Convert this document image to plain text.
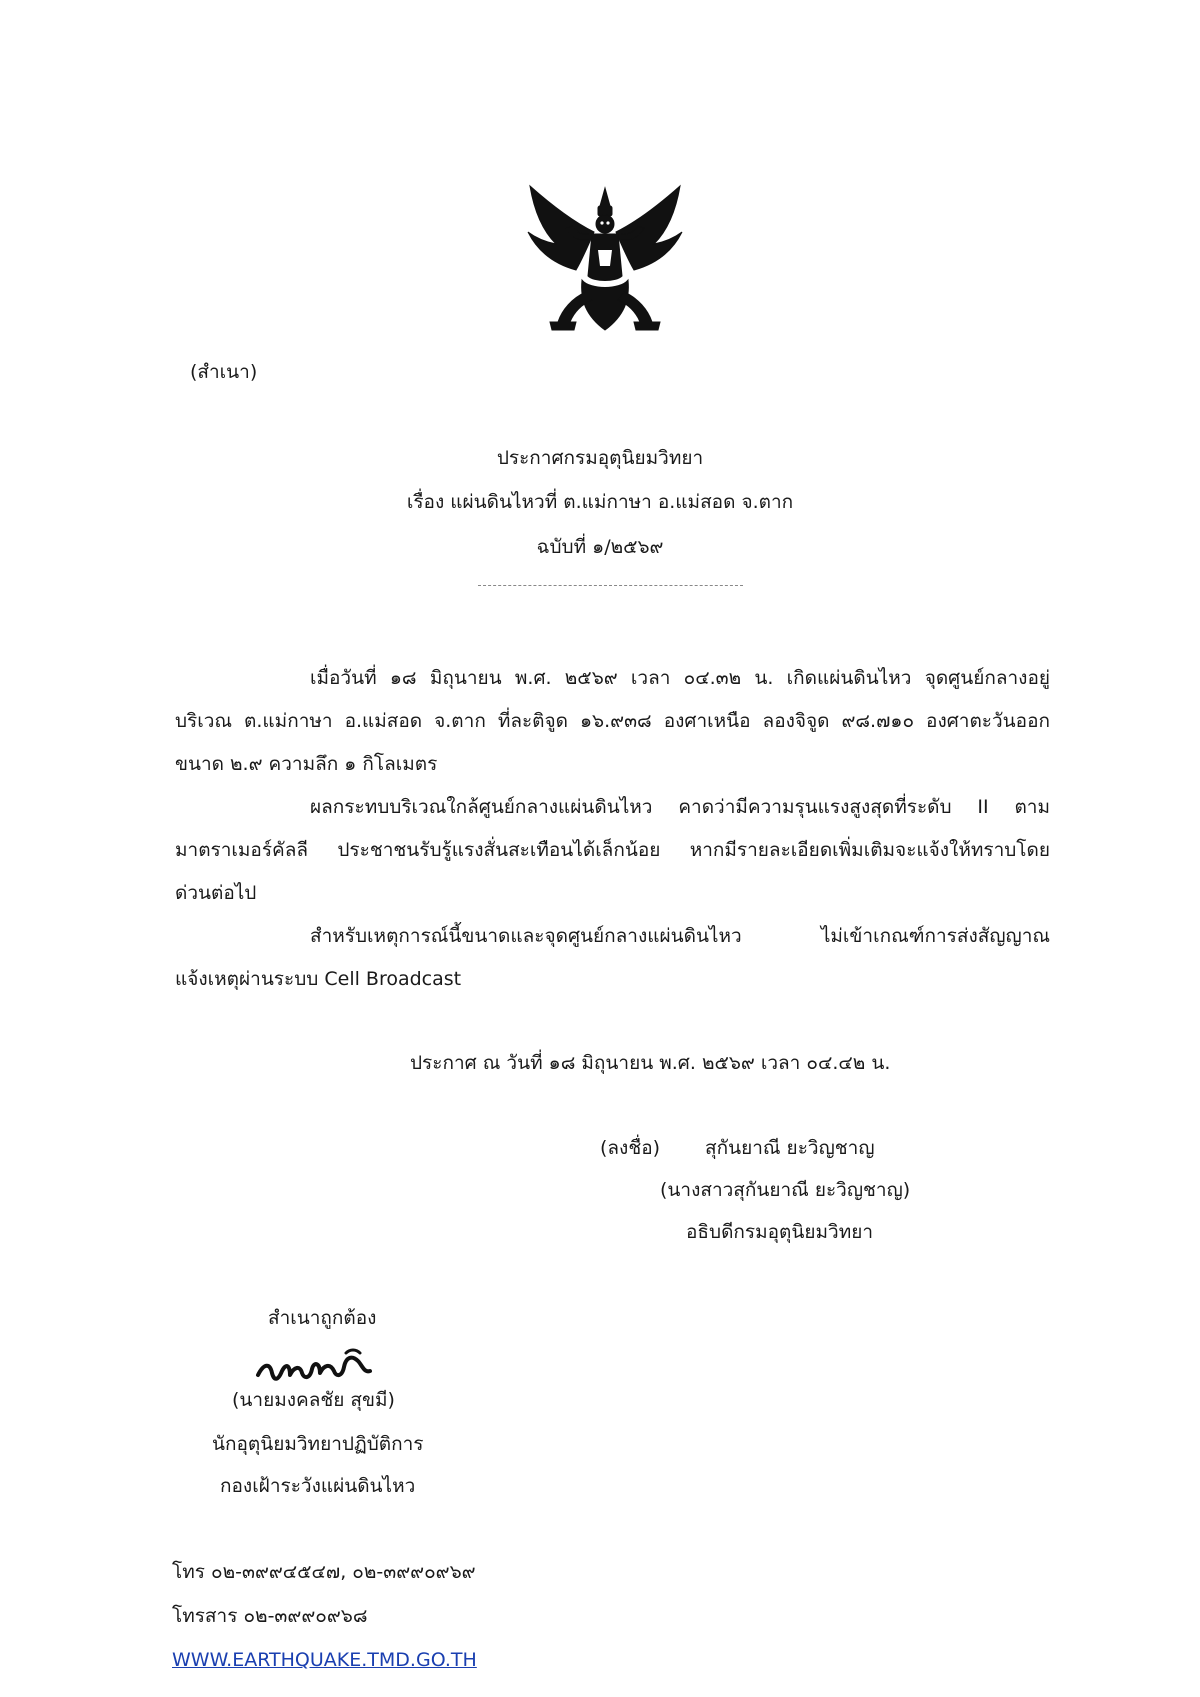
(สำเนา)
ประกาศกรมอุตุนิยมวิทยา
เรื่อง แผ่นดินไหวที่ ต.แม่กาษา อ.แม่สอด จ.ตาก
ฉบับที่ ๑/๒๕๖๙
เมื่อวันที่ ๑๘ มิถุนายน พ.ศ. ๒๕๖๙ เวลา ๐๔.๓๒ น. เกิดแผ่นดินไหว จุดศูนย์กลางอยู่
บริเวณ ต.แม่กาษา อ.แม่สอด จ.ตาก ที่ละติจูด ๑๖.๙๓๘ องศาเหนือ ลองจิจูด ๙๘.๗๑๐ องศาตะวันออก
ขนาด ๒.๙ ความลึก ๑ กิโลเมตร
ผลกระทบบริเวณใกล้ศูนย์กลางแผ่นดินไหว คาดว่ามีความรุนแรงสูงสุดที่ระดับ II ตาม
มาตราเมอร์คัลลี ประชาชนรับรู้แรงสั่นสะเทือนได้เล็กน้อย หากมีรายละเอียดเพิ่มเติมจะแจ้งให้ทราบโดย
ด่วนต่อไป
สำหรับเหตุการณ์นี้ขนาดและจุดศูนย์กลางแผ่นดินไหว ไม่เข้าเกณฑ์การส่งสัญญาณ
แจ้งเหตุผ่านระบบ Cell Broadcast
ประกาศ ณ วันที่ ๑๘ มิถุนายน พ.ศ. ๒๕๖๙ เวลา ๐๔.๔๒ น.
(ลงชื่อ) สุกันยาณี ยะวิญชาญ
(นางสาวสุกันยาณี ยะวิญชาญ)
อธิบดีกรมอุตุนิยมวิทยา
สำเนาถูกต้อง
(นายมงคลชัย สุขมี)
นักอุตุนิยมวิทยาปฏิบัติการ
กองเฝ้าระวังแผ่นดินไหว
โทร ๐๒-๓๙๙๔๕๔๗, ๐๒-๓๙๙๐๙๖๙
โทรสาร ๐๒-๓๙๙๐๙๖๘
WWW.EARTHQUAKE.TMD.GO.TH
